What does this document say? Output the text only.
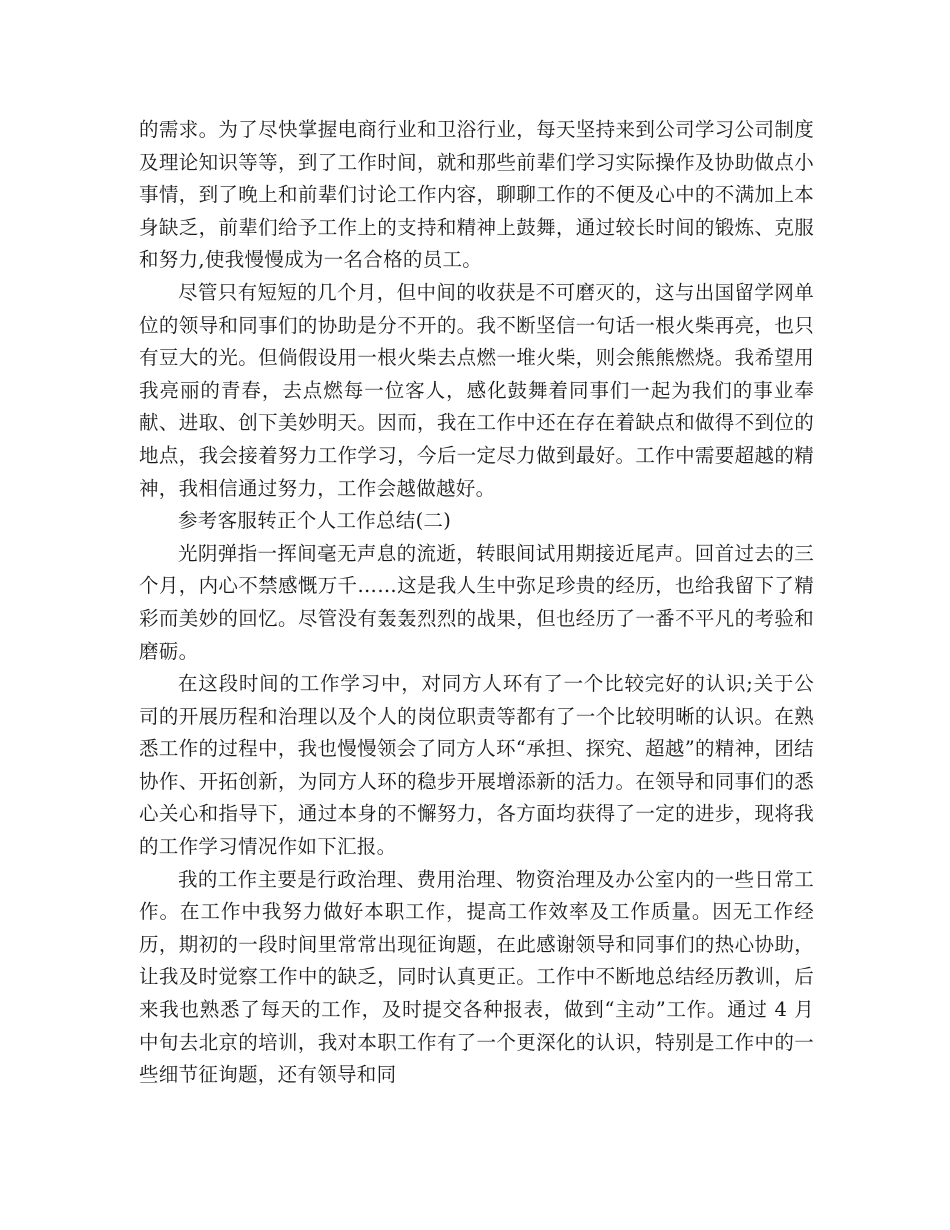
的需求。为了尽快掌握电商行业和卫浴行业，每天坚持来到公司学习公司制度及理论知识等等，到了工作时间，就和那些前辈们学习实际操作及协助做点小事情，到了晚上和前辈们讨论工作内容，聊聊工作的不便及心中的不满加上本身缺乏，前辈们给予工作上的支持和精神上鼓舞，通过较长时间的锻炼、克服和努力,使我慢慢成为一名合格的员工。

尽管只有短短的几个月，但中间的收获是不可磨灭的，这与出国留学网单位的领导和同事们的协助是分不开的。我不断坚信一句话一根火柴再亮，也只有豆大的光。但倘假设用一根火柴去点燃一堆火柴，则会熊熊燃烧。我希望用我亮丽的青春，去点燃每一位客人，感化鼓舞着同事们一起为我们的事业奉献、进取、创下美妙明天。因而，我在工作中还在存在着缺点和做得不到位的地点，我会接着努力工作学习，今后一定尽力做到最好。工作中需要超越的精神，我相信通过努力，工作会越做越好。

参考客服转正个人工作总结(二)

光阴弹指一挥间毫无声息的流逝，转眼间试用期接近尾声。回首过去的三个月，内心不禁感慨万千……这是我人生中弥足珍贵的经历，也给我留下了精彩而美妙的回忆。尽管没有轰轰烈烈的战果，但也经历了一番不平凡的考验和磨砺。

在这段时间的工作学习中，对同方人环有了一个比较完好的认识;关于公司的开展历程和治理以及个人的岗位职责等都有了一个比较明晰的认识。在熟悉工作的过程中，我也慢慢领会了同方人环“承担、探究、超越”的精神，团结协作、开拓创新，为同方人环的稳步开展增添新的活力。在领导和同事们的悉心关心和指导下，通过本身的不懈努力，各方面均获得了一定的进步，现将我的工作学习情况作如下汇报。

我的工作主要是行政治理、费用治理、物资治理及办公室内的一些日常工作。在工作中我努力做好本职工作，提高工作效率及工作质量。因无工作经历，期初的一段时间里常常出现征询题，在此感谢领导和同事们的热心协助，让我及时觉察工作中的缺乏，同时认真更正。工作中不断地总结经历教训，后来我也熟悉了每天的工作，及时提交各种报表，做到“主动”工作。通过 4 月中旬去北京的培训，我对本职工作有了一个更深化的认识，特别是工作中的一些细节征询题，还有领导和同
